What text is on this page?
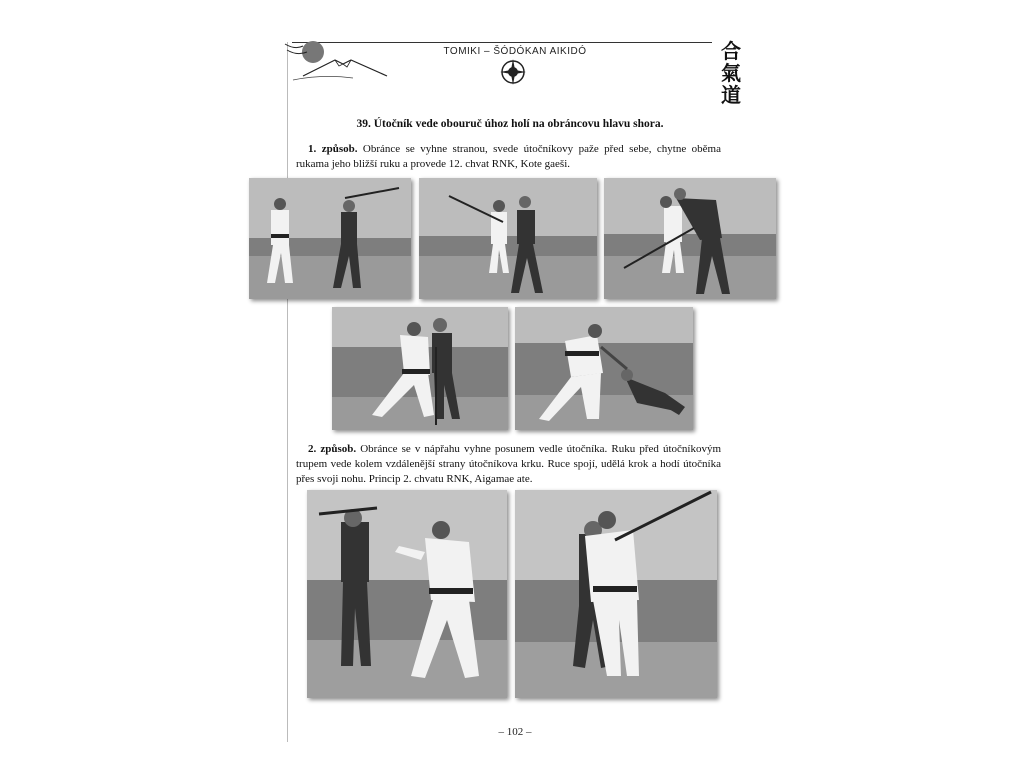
TOMIKI – ŠÓDÓKAN AIKIDÓ	合氣道
39. Útočník vede obouruč úhoz holí na obráncovu hlavu shora.
1. způsob. Obránce se vyhne stranou, svede útočníkovy paže před sebe, chytne oběma rukama jeho bližší ruku a provede 12. chvat RNK, Kote gaeši.
2. způsob. Obránce se v nápřahu vyhne posunem vedle útočníka. Ruku před útočníkovým trupem vede kolem vzdálenější strany útočníkova krku. Ruce spojí, udělá krok a hodí útočníka přes svoji nohu. Princip 2. chvatu RNK, Aigamae ate.
– 102 –
